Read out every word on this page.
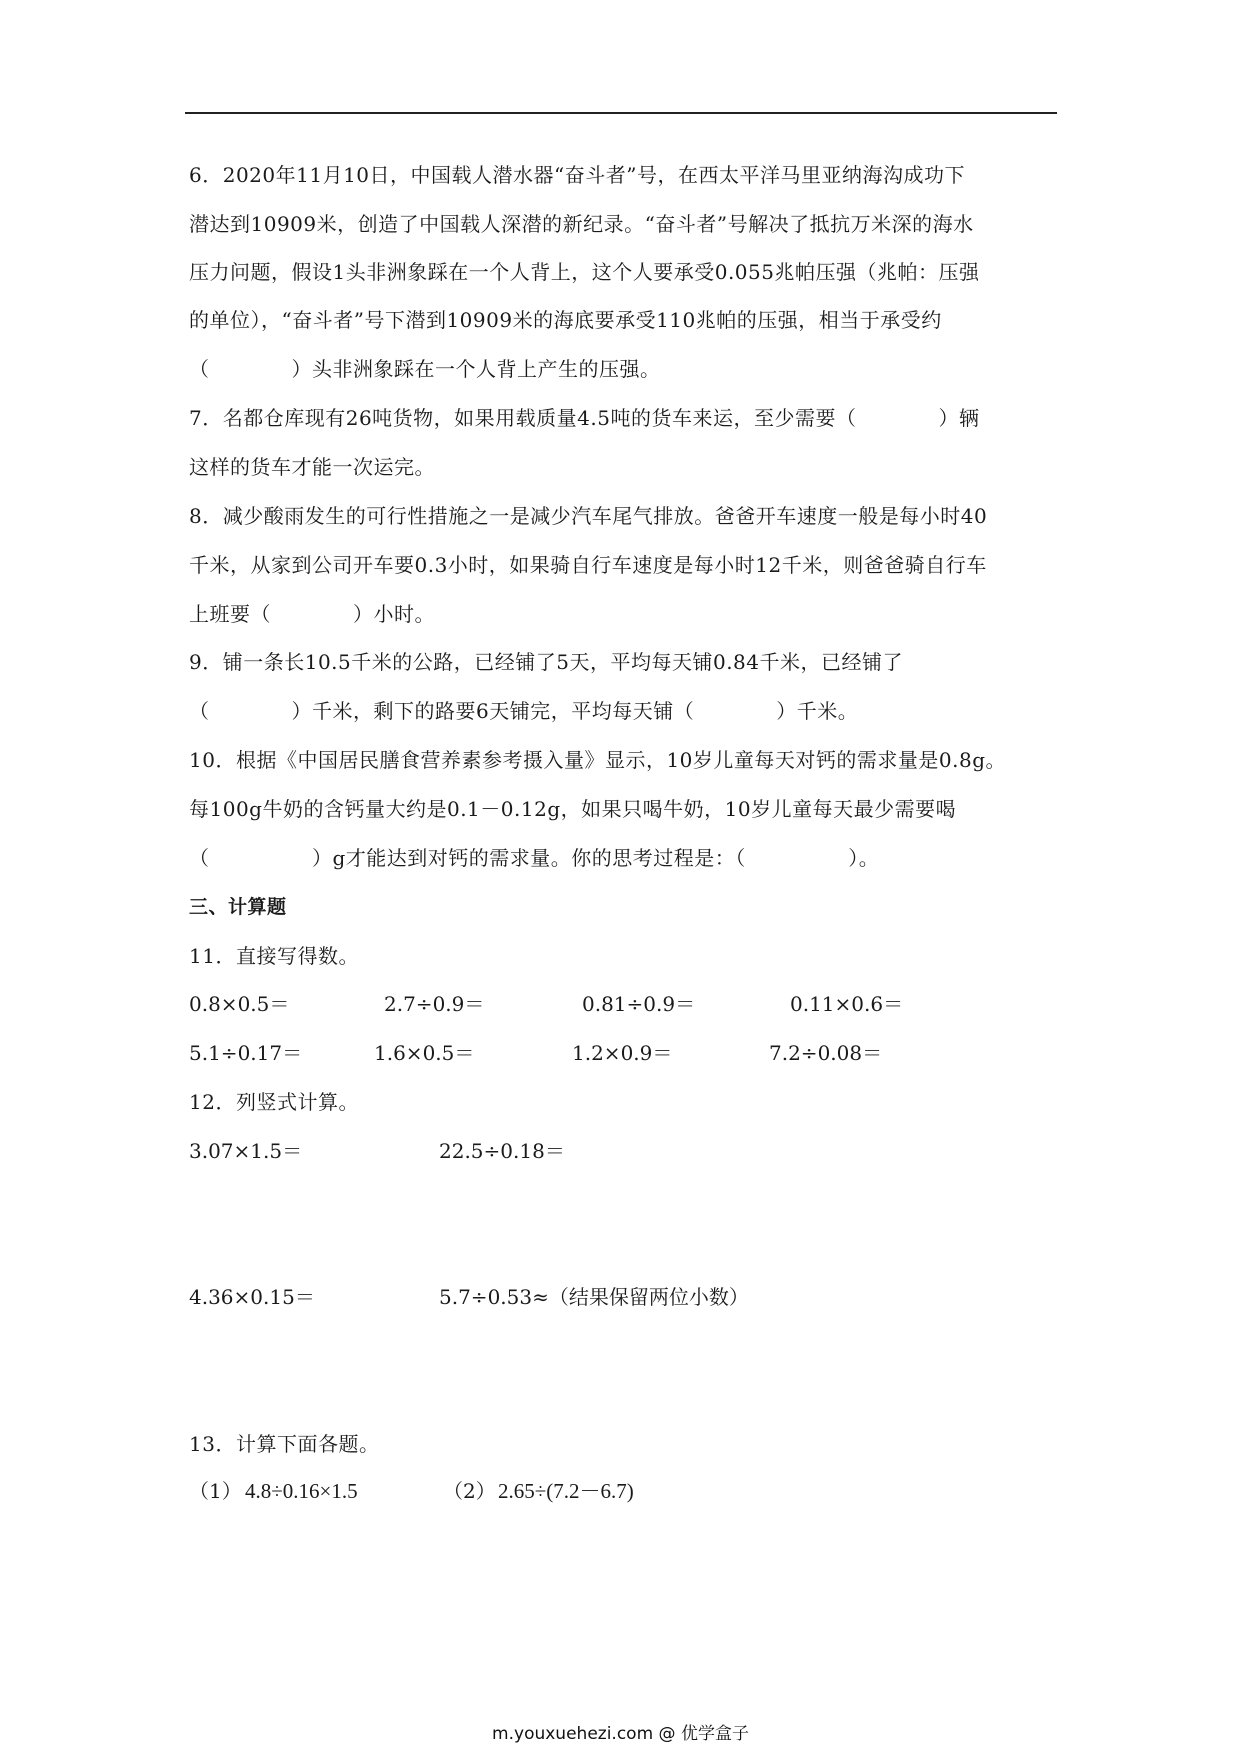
6．2020年11月10日，中国载人潜水器“奋斗者”号，在西太平洋马里亚纳海沟成功下
潜达到10909米，创造了中国载人深潜的新纪录。“奋斗者”号解决了抵抗万米深的海水
压力问题，假设1头非洲象踩在一个人背上，这个人要承受0.055兆帕压强（兆帕：压强
的单位），“奋斗者”号下潜到10909米的海底要承受110兆帕的压强，相当于承受约
（　　　　）头非洲象踩在一个人背上产生的压强。
7．名都仓库现有26吨货物，如果用载质量4.5吨的货车来运，至少需要（　　　　）辆
这样的货车才能一次运完。
8．减少酸雨发生的可行性措施之一是减少汽车尾气排放。爸爸开车速度一般是每小时40
千米，从家到公司开车要0.3小时，如果骑自行车速度是每小时12千米，则爸爸骑自行车
上班要（　　　　）小时。
9．铺一条长10.5千米的公路，已经铺了5天，平均每天铺0.84千米，已经铺了
（　　　　）千米，剩下的路要6天铺完，平均每天铺（　　　　）千米。
10．根据《中国居民膳食营养素参考摄入量》显示，10岁儿童每天对钙的需求量是0.8g。
每100g牛奶的含钙量大约是0.1－0.12g，如果只喝牛奶，10岁儿童每天最少需要喝
（　　　　　）g才能达到对钙的需求量。你的思考过程是：（　　　　　）。
三、计算题
11．直接写得数。
0.8×0.5＝	2.7÷0.9＝	0.81÷0.9＝	0.11×0.6＝
5.1÷0.17＝	1.6×0.5＝	1.2×0.9＝	7.2÷0.08＝
12．列竖式计算。
3.07×1.5＝	22.5÷0.18＝
4.36×0.15＝	5.7÷0.53≈（结果保留两位小数）
13．计算下面各题。
（1） 4.8÷0.16×1.5	（2） 2.65÷(7.2－6.7)
m.youxuehezi.com @ 优学盒子
